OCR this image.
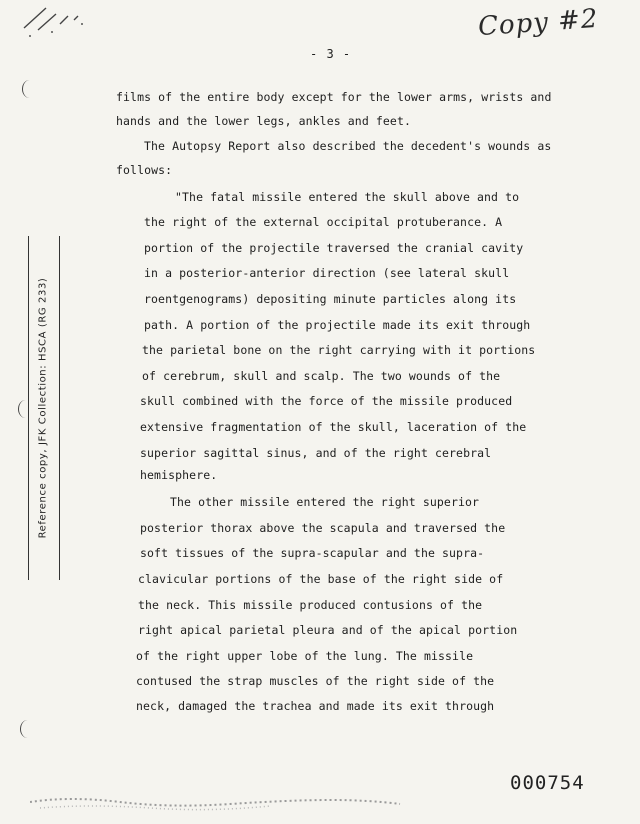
Copy #2
- 3 -
films of the entire body except for the lower arms, wrists and
hands and the lower legs, ankles and feet.
The Autopsy Report also described the decedent's wounds as
follows:
"The fatal missile entered the skull above and to
the right of the external occipital protuberance. A
portion of the projectile traversed the cranial cavity
in a posterior-anterior direction (see lateral skull
roentgenograms) depositing minute particles along its
path. A portion of the projectile made its exit through
the parietal bone on the right carrying with it portions
of cerebrum, skull and scalp. The two wounds of the
skull combined with the force of the missile produced
extensive fragmentation of the skull, laceration of the
superior sagittal sinus, and of the right cerebral
hemisphere.
The other missile entered the right superior
posterior thorax above the scapula and traversed the
soft tissues of the supra-scapular and the supra-
clavicular portions of the base of the right side of
the neck. This missile produced contusions of the
right apical parietal pleura and of the apical portion
of the right upper lobe of the lung. The missile
contused the strap muscles of the right side of the
neck, damaged the trachea and made its exit through
Reference copy, JFK Collection: HSCA (RG 233)
000754
